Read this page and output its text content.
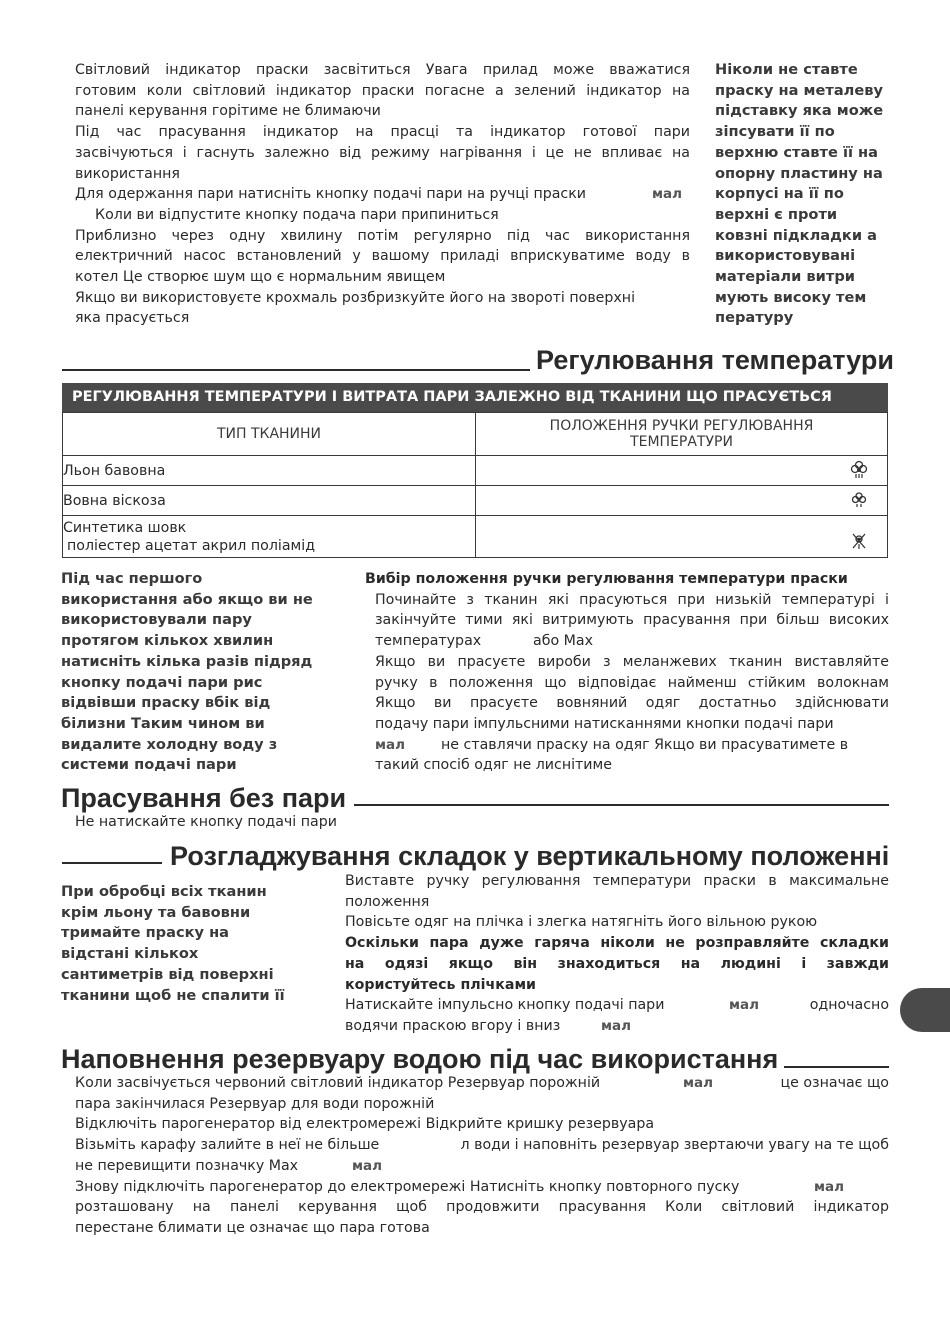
Світловий індикатор праски засвітиться Увага прилад може вважатися
готовим коли світловий індикатор праски погасне а зелений індикатор на
панелі керування горітиме не блимаючи
Під час прасування індикатор на прасці та індикатор готової пари
засвічуються і гаснуть залежно від режиму нагрівання і це не впливає на
використання
Для одержання пари натисніть кнопку подачі пари на ручці праски	мал
Коли ви відпустите кнопку подача пари припиниться
Приблизно через одну хвилину потім регулярно під час використання
електричний насос встановлений у вашому приладі вприскуватиме воду в
котел Це створює шум що є нормальним явищем
Якщо ви використовуєте крохмаль розбризкуйте його на звороті поверхні
яка прасується
Ніколи не ставте
праску на металеву
підставку яка може
зіпсувати її по
верхню ставте її на
опорну пластину на
корпусі на її по
верхні є проти
ковзні підкладки а
використовувані
матеріали витри
мують високу тем
пературу
Регулювання температури
РЕГУЛЮВАННЯ ТЕМПЕРАТУРИ І ВИТРАТА ПАРИ ЗАЛЕЖНО ВІД ТКАНИНИ ЩО ПРАСУЄТЬСЯ
ТИП ТКАНИНИ	ПОЛОЖЕННЯ РУЧКИ РЕГУЛЮВАННЯ
ТЕМПЕРАТУРИ

Льон бавовна	
Вовна віскоза	

Синтетика шовк
поліестер ацетат акрил поліамід

Під час першого
використання або якщо ви не
використовували пару
протягом кількох хвилин
натисніть кілька разів підряд
кнопку подачі пари рис
відвівши праску вбік від
білизни Таким чином ви
видалите холодну воду з
системи подачі пари
Вибір положення ручки регулювання температури праски
Починайте з тканин які прасуються при низькій температурі і
закінчуйте тими які витримують прасування при більш високих
температурах	або Max
Якщо ви прасуєте вироби з меланжевих тканин виставляйте
ручку в положення що відповідає найменш стійким волокнам
Якщо ви прасуєте вовняний одяг достатньо здійснювати
подачу пари імпульсними натисканнями кнопки подачі пари
мал	не ставлячи праску на одяг Якщо ви прасуватимете в
такий спосіб одяг не лиснітиме
Прасування без пари
Не натискайте кнопку подачі пари
Розгладжування складок у вертикальному положенні
При обробці всіх тканин
крім льону та бавовни
тримайте праску на
відстані кількох
сантиметрів від поверхні
тканини щоб не спалити її
Виставте ручку регулювання температури праски в максимальне
положення
Повісьте одяг на плічка і злегка натягніть його вільною рукою
Оскільки пара дуже гаряча ніколи не розправляйте складки
на одязі якщо він знаходиться на людині і завжди
користуйтесь плічками
Натискайте імпульсно кнопку подачі пари	мал	одночасно
водячи праскою вгору і вниз	мал
Наповнення резервуару водою під час використання
Коли засвічується червоний світловий індикатор Резервуар порожній	мал	це означає що
пара закінчилася Резервуар для води порожній
Відключіть парогенератор від електромережі Відкрийте кришку резервуара
Візьміть карафу залийте в неї не більше	л води і наповніть резервуар звертаючи увагу на те щоб
не перевищити позначку Max	мал
Знову підключіть парогенератор до електромережі Натисніть кнопку повторного пуску	мал
розташовану на панелі керування щоб продовжити прасування Коли світловий індикатор
перестане блимати це означає що пара готова
